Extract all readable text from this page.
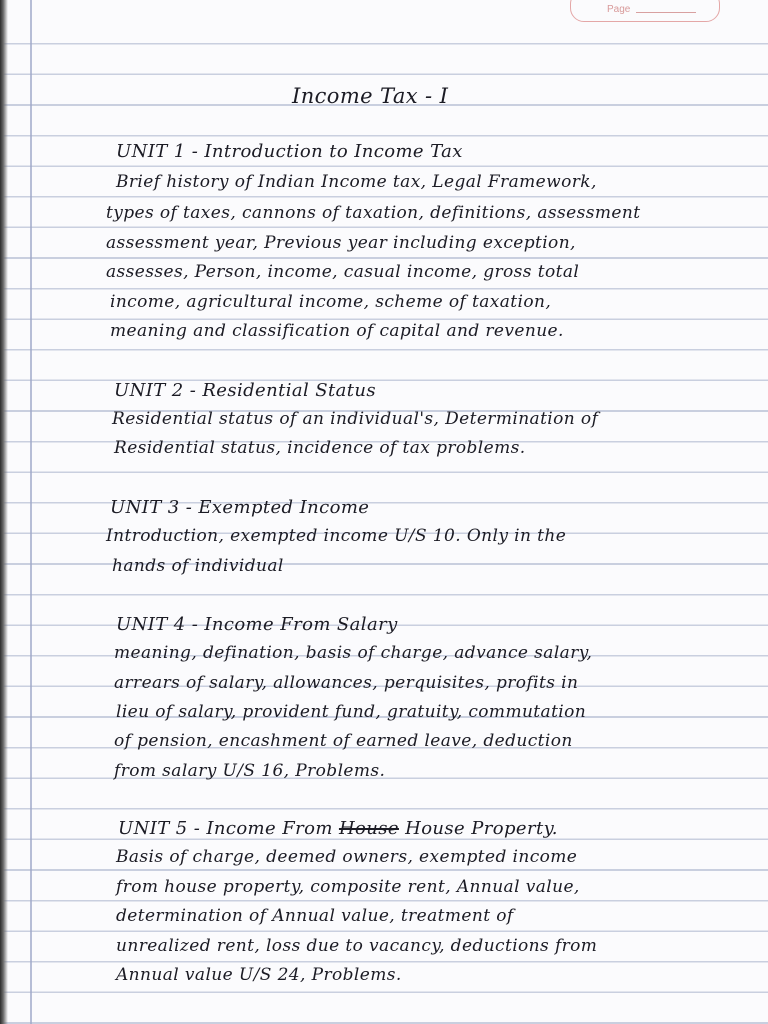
Page
Income Tax - I
UNIT 1 - Introduction to Income Tax
Brief history of Indian Income tax, Legal Framework,
types of taxes, cannons of taxation, definitions, assessment
assessment year, Previous year including exception,
assesses, Person, income, casual income, gross total
income, agricultural income, scheme of taxation,
meaning and classification of capital and revenue.
UNIT 2 - Residential Status
Residential status of an individual's, Determination of
Residential status, incidence of tax problems.
UNIT 3 - Exempted Income
Introduction, exempted income U/S 10. Only in the
hands of individual
UNIT 4 - Income From Salary
meaning, defination, basis of charge, advance salary,
arrears of salary, allowances, perquisites, profits in
lieu of salary, provident fund, gratuity, commutation
of pension, encashment of earned leave, deduction
from salary U/S 16, Problems.
UNIT 5 - Income From House House Property.
Basis of charge, deemed owners, exempted income
from house property, composite rent, Annual value,
determination of Annual value, treatment of
unrealized rent, loss due to vacancy, deductions from
Annual value U/S 24, Problems.
